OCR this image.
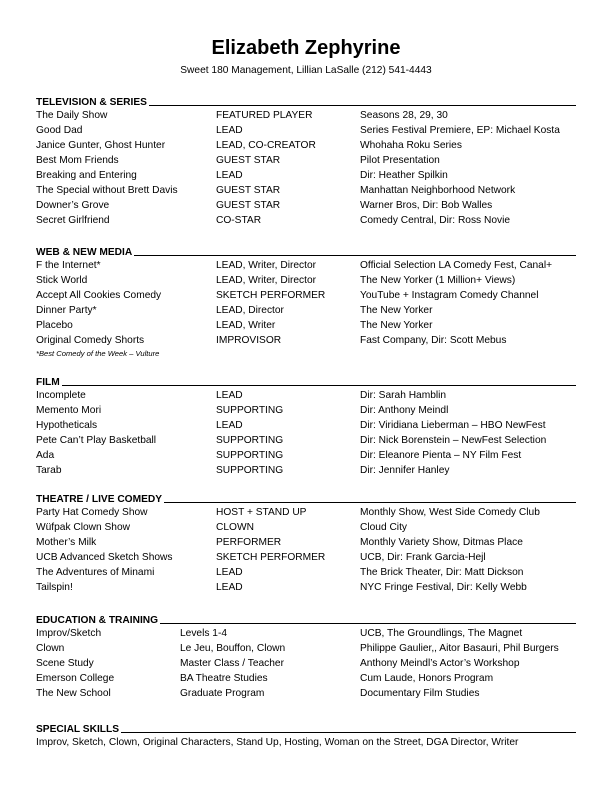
Elizabeth Zephyrine
Sweet 180 Management, Lillian LaSalle (212) 541-4443
TELEVISION & SERIES
The Daily Show	FEATURED PLAYER	Seasons 28, 29, 30
Good Dad	LEAD	Series Festival Premiere, EP: Michael Kosta
Janice Gunter, Ghost Hunter	LEAD, CO-CREATOR	Whohaha Roku Series
Best Mom Friends	GUEST STAR	Pilot Presentation
Breaking and Entering	LEAD	Dir: Heather Spilkin
The Special without Brett Davis	GUEST STAR	Manhattan Neighborhood Network
Downer’s Grove	GUEST STAR	Warner Bros, Dir: Bob Walles
Secret Girlfriend	CO-STAR	Comedy Central, Dir: Ross Novie
WEB & NEW MEDIA
F the Internet*	LEAD, Writer, Director	Official Selection LA Comedy Fest, Canal+
Stick World	LEAD, Writer, Director	The New Yorker (1 Million+ Views)
Accept All Cookies Comedy	SKETCH PERFORMER	YouTube + Instagram Comedy Channel
Dinner Party*	LEAD, Director	The New Yorker
Placebo	LEAD, Writer	The New Yorker
Original Comedy Shorts	IMPROVISOR	Fast Company, Dir: Scott Mebus
*Best Comedy of the Week – Vulture
FILM
Incomplete	LEAD	Dir: Sarah Hamblin
Memento Mori	SUPPORTING	Dir: Anthony Meindl
Hypotheticals	LEAD	Dir: Viridiana Lieberman – HBO NewFest
Pete Can’t Play Basketball	SUPPORTING	Dir: Nick Borenstein – NewFest Selection
Ada	SUPPORTING	Dir: Eleanore Pienta – NY Film Fest
Tarab	SUPPORTING	Dir: Jennifer Hanley
THEATRE / LIVE COMEDY
Party Hat Comedy Show	HOST + STAND UP	Monthly Show, West Side Comedy Club
Wüfpak Clown Show	CLOWN	Cloud City
Mother’s Milk	PERFORMER	Monthly Variety Show, Ditmas Place
UCB Advanced Sketch Shows	SKETCH PERFORMER	UCB, Dir: Frank Garcia-Hejl
The Adventures of Minami	LEAD	The Brick Theater, Dir: Matt Dickson
Tailspin!	LEAD	NYC Fringe Festival, Dir: Kelly Webb
EDUCATION & TRAINING
Improv/Sketch	Levels 1-4	UCB, The Groundlings, The Magnet
Clown	Le Jeu, Bouffon, Clown	Philippe Gaulier,, Aitor Basauri, Phil Burgers
Scene Study	Master Class / Teacher	Anthony Meindl’s Actor’s Workshop
Emerson College	BA Theatre Studies	Cum Laude, Honors Program
The New School	Graduate Program	Documentary Film Studies
SPECIAL SKILLS
Improv, Sketch, Clown, Original Characters, Stand Up, Hosting, Woman on the Street, DGA Director, Writer
